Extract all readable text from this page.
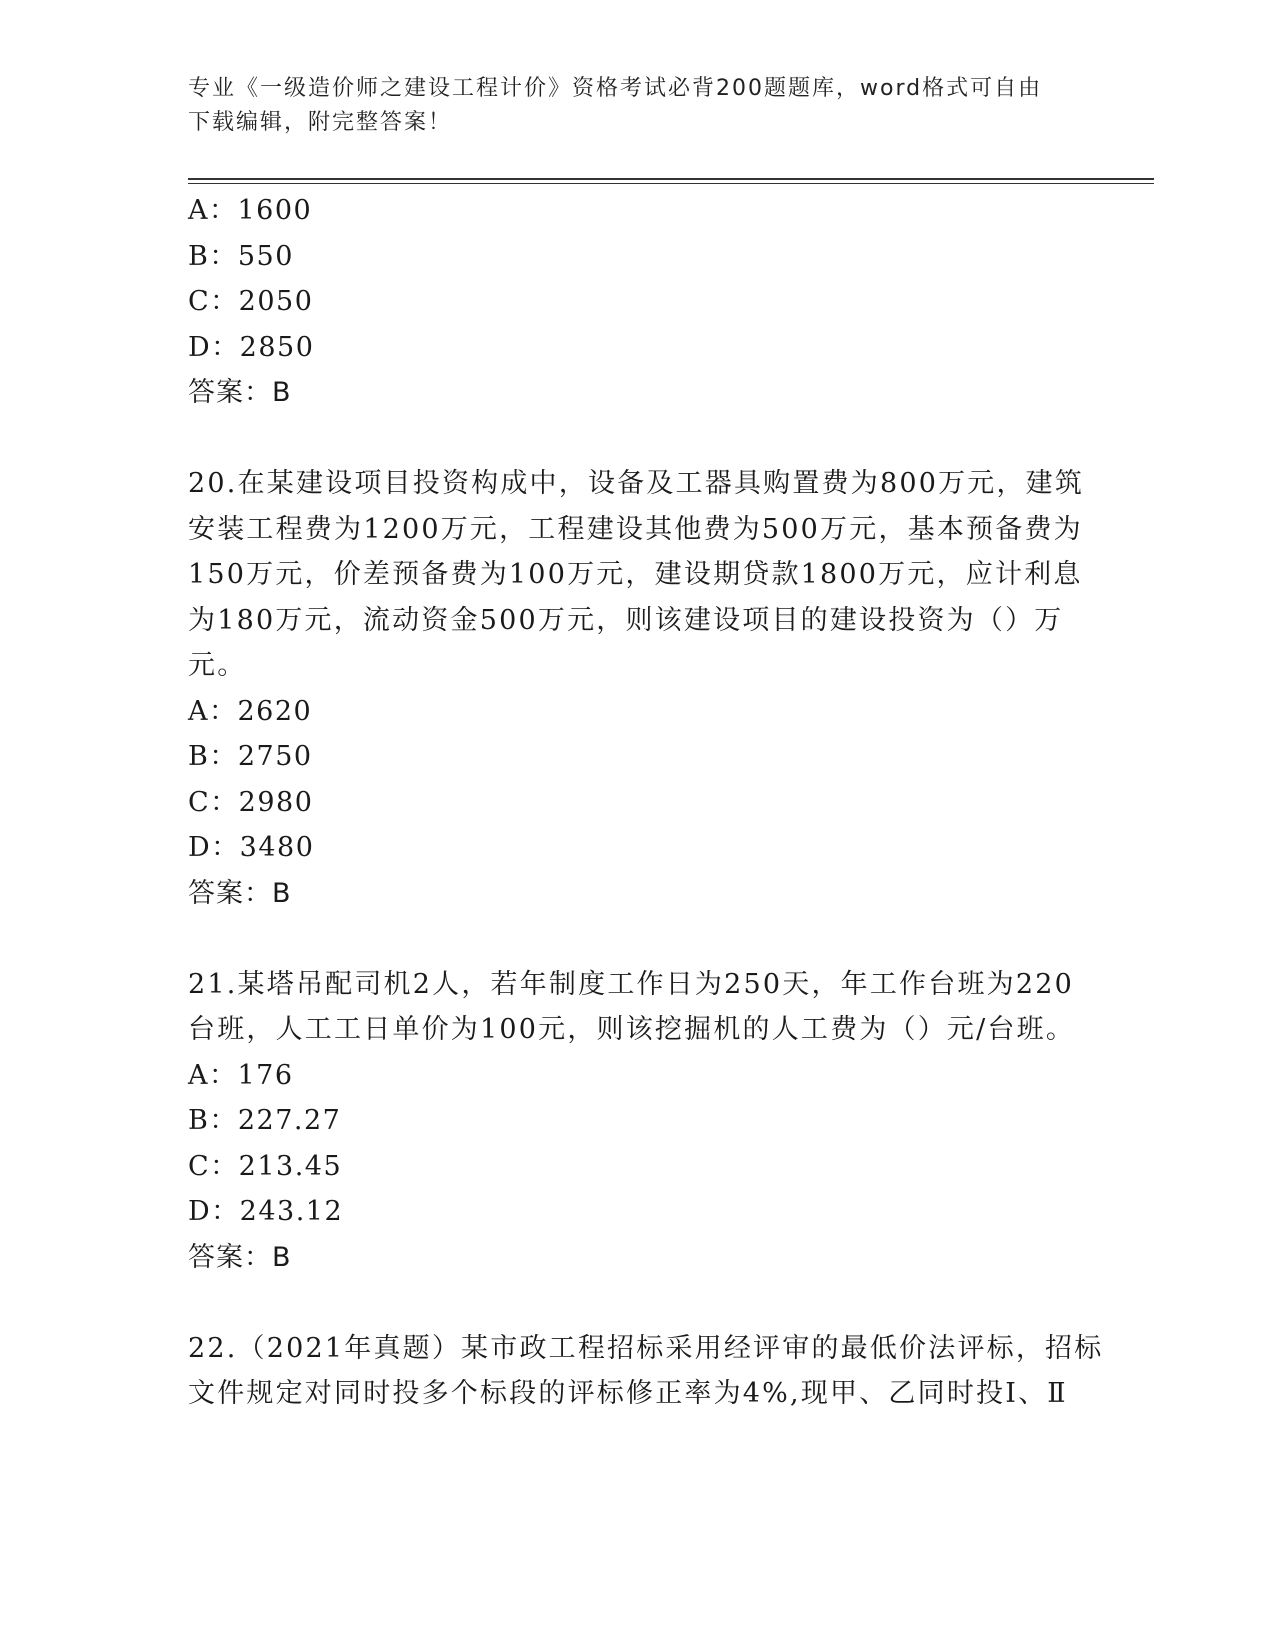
专业《一级造价师之建设工程计价》资格考试必背200题题库，word格式可自由
下载编辑，附完整答案！
A：1600
B：550
C：2050
D：2850
答案：B
20.在某建设项目投资构成中，设备及工器具购置费为800万元，建筑
安装工程费为1200万元，工程建设其他费为500万元，基本预备费为
150万元，价差预备费为100万元，建设期贷款1800万元，应计利息
为180万元，流动资金500万元，则该建设项目的建设投资为（）万
元。
A：2620
B：2750
C：2980
D：3480
答案：B
21.某塔吊配司机2人，若年制度工作日为250天，年工作台班为220
台班，人工工日单价为100元，则该挖掘机的人工费为（）元/台班。
A：176
B：227.27
C：213.45
D：243.12
答案：B
22.（2021年真题）某市政工程招标采用经评审的最低价法评标，招标
文件规定对同时投多个标段的评标修正率为4%,现甲、乙同时投Ⅰ、Ⅱ
